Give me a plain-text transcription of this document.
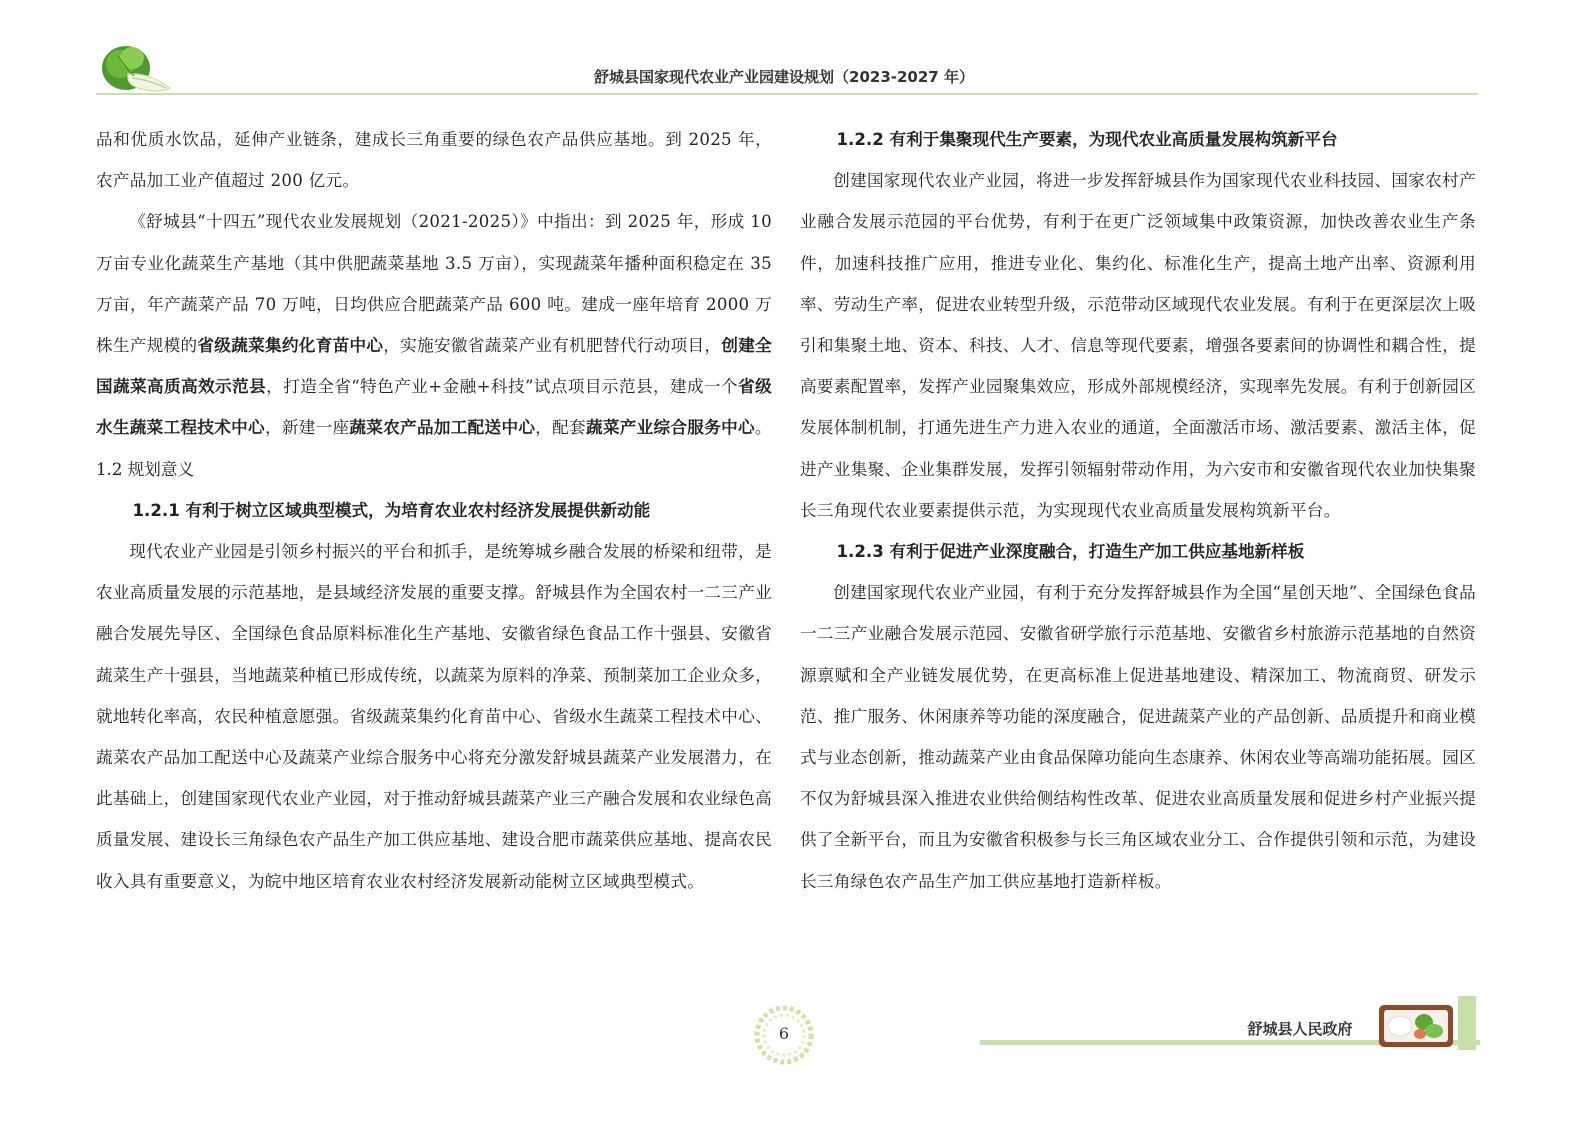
舒城县国家现代农业产业园建设规划（2023-2027 年）

品和优质水饮品，延伸产业链条，建成长三角重要的绿色农产品供应基地。到 2025 年，农产品加工业产值超过 200 亿元。

《舒城县“十四五”现代农业发展规划（2021-2025）》中指出：到 2025 年，形成 10 万亩专业化蔬菜生产基地（其中供肥蔬菜基地 3.5 万亩），实现蔬菜年播种面积稳定在 35 万亩，年产蔬菜产品 70 万吨，日均供应合肥蔬菜产品 600 吨。建成一座年培育 2000 万株生产规模的省级蔬菜集约化育苗中心，实施安徽省蔬菜产业有机肥替代行动项目，创建全国蔬菜高质高效示范县，打造全省“特色产业+金融+科技”试点项目示范县，建成一个省级水生蔬菜工程技术中心，新建一座蔬菜农产品加工配送中心，配套蔬菜产业综合服务中心。

1.2 规划意义

1.2.1 有利于树立区域典型模式，为培育农业农村经济发展提供新动能

现代农业产业园是引领乡村振兴的平台和抓手，是统筹城乡融合发展的桥梁和纽带，是农业高质量发展的示范基地，是县域经济发展的重要支撑。舒城县作为全国农村一二三产业融合发展先导区、全国绿色食品原料标准化生产基地、安徽省绿色食品工作十强县、安徽省蔬菜生产十强县，当地蔬菜种植已形成传统，以蔬菜为原料的净菜、预制菜加工企业众多，就地转化率高，农民种植意愿强。省级蔬菜集约化育苗中心、省级水生蔬菜工程技术中心、蔬菜农产品加工配送中心及蔬菜产业综合服务中心将充分激发舒城县蔬菜产业发展潜力，在此基础上，创建国家现代农业产业园，对于推动舒城县蔬菜产业三产融合发展和农业绿色高质量发展、建设长三角绿色农产品生产加工供应基地、建设合肥市蔬菜供应基地、提高农民收入具有重要意义，为皖中地区培育农业农村经济发展新动能树立区域典型模式。

1.2.2 有利于集聚现代生产要素，为现代农业高质量发展构筑新平台

创建国家现代农业产业园，将进一步发挥舒城县作为国家现代农业科技园、国家农村产业融合发展示范园的平台优势，有利于在更广泛领域集中政策资源，加快改善农业生产条件，加速科技推广应用，推进专业化、集约化、标准化生产，提高土地产出率、资源利用率、劳动生产率，促进农业转型升级，示范带动区域现代农业发展。有利于在更深层次上吸引和集聚土地、资本、科技、人才、信息等现代要素，增强各要素间的协调性和耦合性，提高要素配置率，发挥产业园聚集效应，形成外部规模经济，实现率先发展。有利于创新园区发展体制机制，打通先进生产力进入农业的通道，全面激活市场、激活要素、激活主体，促进产业集聚、企业集群发展，发挥引领辐射带动作用，为六安市和安徽省现代农业加快集聚长三角现代农业要素提供示范，为实现现代农业高质量发展构筑新平台。

1.2.3 有利于促进产业深度融合，打造生产加工供应基地新样板

创建国家现代农业产业园，有利于充分发挥舒城县作为全国“星创天地”、全国绿色食品一二三产业融合发展示范园、安徽省研学旅行示范基地、安徽省乡村旅游示范基地的自然资源禀赋和全产业链发展优势，在更高标准上促进基地建设、精深加工、物流商贸、研发示范、推广服务、休闲康养等功能的深度融合，促进蔬菜产业的产品创新、品质提升和商业模式与业态创新，推动蔬菜产业由食品保障功能向生态康养、休闲农业等高端功能拓展。园区不仅为舒城县深入推进农业供给侧结构性改革、促进农业高质量发展和促进乡村产业振兴提供了全新平台，而且为安徽省积极参与长三角区域农业分工、合作提供引领和示范，为建设长三角绿色农产品生产加工供应基地打造新样板。

6	舒城县人民政府
